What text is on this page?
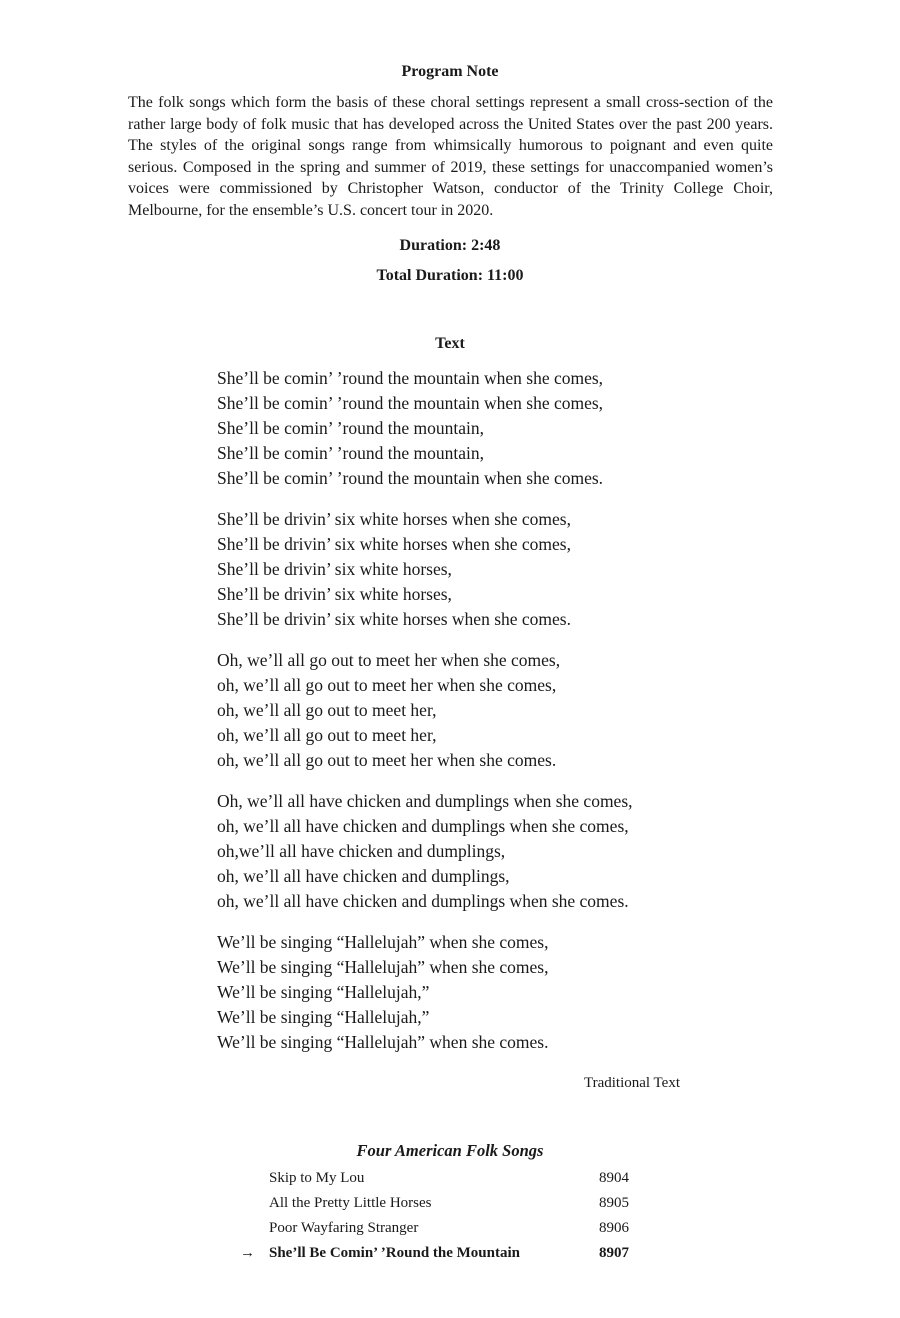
Program Note
The folk songs which form the basis of these choral settings represent a small cross-section of the rather large body of folk music that has developed across the United States over the past 200 years. The styles of the original songs range from whimsically humorous to poignant and even quite serious. Composed in the spring and summer of 2019, these settings for unaccompanied women’s voices were commissioned by Christopher Watson, conductor of the Trinity College Choir, Melbourne, for the ensemble’s U.S. concert tour in 2020.
Duration: 2:48
Total Duration: 11:00
Text
She’ll be comin’ ’round the mountain when she comes,
She’ll be comin’ ’round the mountain when she comes,
She’ll be comin’ ’round the mountain,
She’ll be comin’ ’round the mountain,
She’ll be comin’ ’round the mountain when she comes.
She’ll be drivin’ six white horses when she comes,
She’ll be drivin’ six white horses when she comes,
She’ll be drivin’ six white horses,
She’ll be drivin’ six white horses,
She’ll be drivin’ six white horses when she comes.
Oh, we’ll all go out to meet her when she comes,
oh, we’ll all go out to meet her when she comes,
oh, we’ll all go out to meet her,
oh, we’ll all go out to meet her,
oh, we’ll all go out to meet her when she comes.
Oh, we’ll all have chicken and dumplings when she comes,
oh, we’ll all have chicken and dumplings when she comes,
oh,we’ll all have chicken and dumplings,
oh, we’ll all have chicken and dumplings,
oh, we’ll all have chicken and dumplings when she comes.
We’ll be singing “Hallelujah” when she comes,
We’ll be singing “Hallelujah” when she comes,
We’ll be singing “Hallelujah,”
We’ll be singing “Hallelujah,”
We’ll be singing “Hallelujah” when she comes.
Traditional Text
Four American Folk Songs
Skip to My Lou	8904
All the Pretty Little Horses	8905
Poor Wayfaring Stranger	8906
→ She’ll Be Comin’ ’Round the Mountain	8907
